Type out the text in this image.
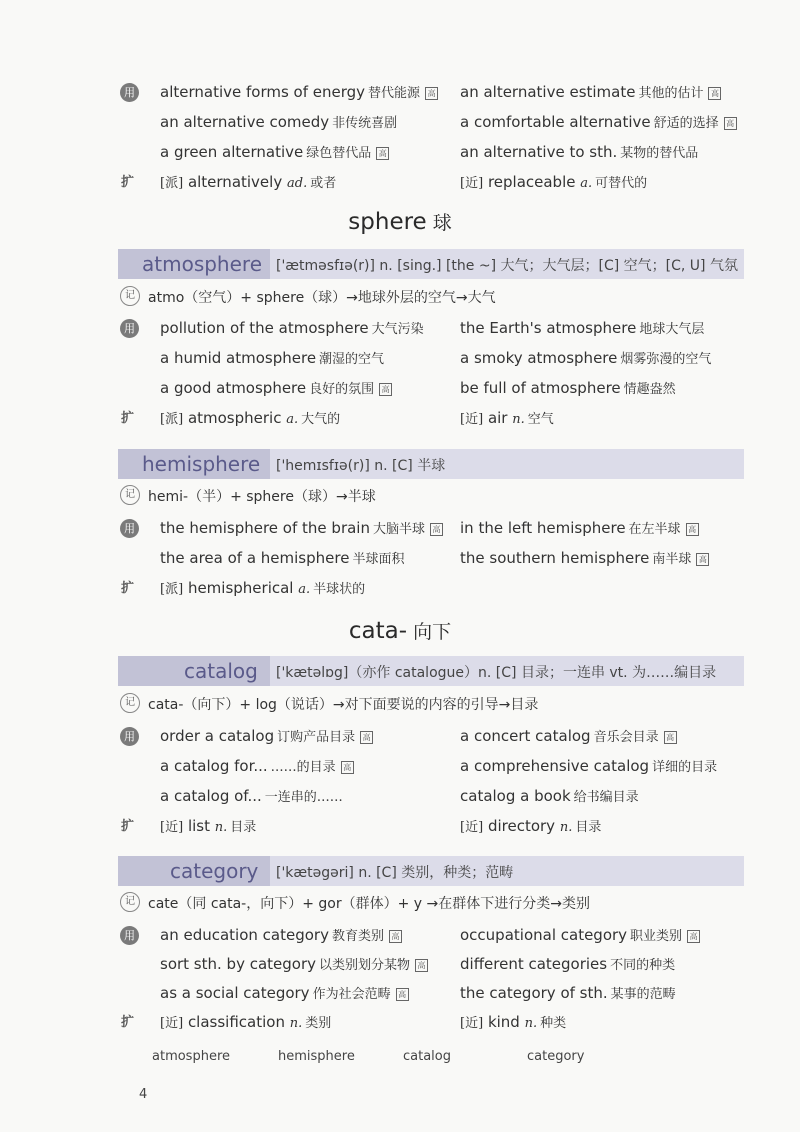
用 alternative forms of energy 替代能源 高 an alternative estimate 其他的估计 高
an alternative comedy 非传统喜剧	a comfortable alternative 舒适的选择 高
a green alternative 绿色替代品 高	an alternative to sth. 某物的替代品
扩 [派] alternatively ad. 或者	[近] replaceable a. 可替代的
sphere 球
atmosphere ['ætməsfɪə(r)] n. [sing.] [the ~] 大气；大气层；[C] 空气；[C, U] 气氛
记 atmo（空气）+ sphere（球）→地球外层的空气→大气
用 pollution of the atmosphere 大气污染 the Earth's atmosphere 地球大气层
a humid atmosphere 潮湿的空气	a smoky atmosphere 烟雾弥漫的空气
a good atmosphere 良好的氛围 高	be full of atmosphere 情趣盎然
扩 [派] atmospheric a. 大气的	[近] air n. 空气
hemisphere ['hemɪsfɪə(r)] n. [C] 半球
记 hemi-（半）+ sphere（球）→半球
用 the hemisphere of the brain 大脑半球 高 in the left hemisphere 在左半球 高
the area of a hemisphere 半球面积	the southern hemisphere 南半球 高
扩 [派] hemispherical a. 半球状的
cata- 向下
catalog ['kætəlɒg]（亦作 catalogue）n. [C] 目录；一连串 vt. 为……编目录
记 cata-（向下）+ log（说话）→对下面要说的内容的引导→目录
用 order a catalog 订购产品目录 高	a concert catalog 音乐会目录 高
a catalog for... ……的目录 高	a comprehensive catalog 详细的目录
a catalog of... 一连串的……	catalog a book 给书编目录
扩 [近] list n. 目录	[近] directory n. 目录
category ['kætəgəri] n. [C] 类别，种类；范畴
记 cate（同 cata-，向下）+ gor（群体）+ y →在群体下进行分类→类别
用 an education category 教育类别 高	occupational category 职业类别 高
sort sth. by category 以类别划分某物 高 different categories 不同的种类
as a social category 作为社会范畴 高	the category of sth. 某事的范畴
扩 [近] classification n. 类别	[近] kind n. 种类
atmosphere	hemisphere	catalog	category
4
